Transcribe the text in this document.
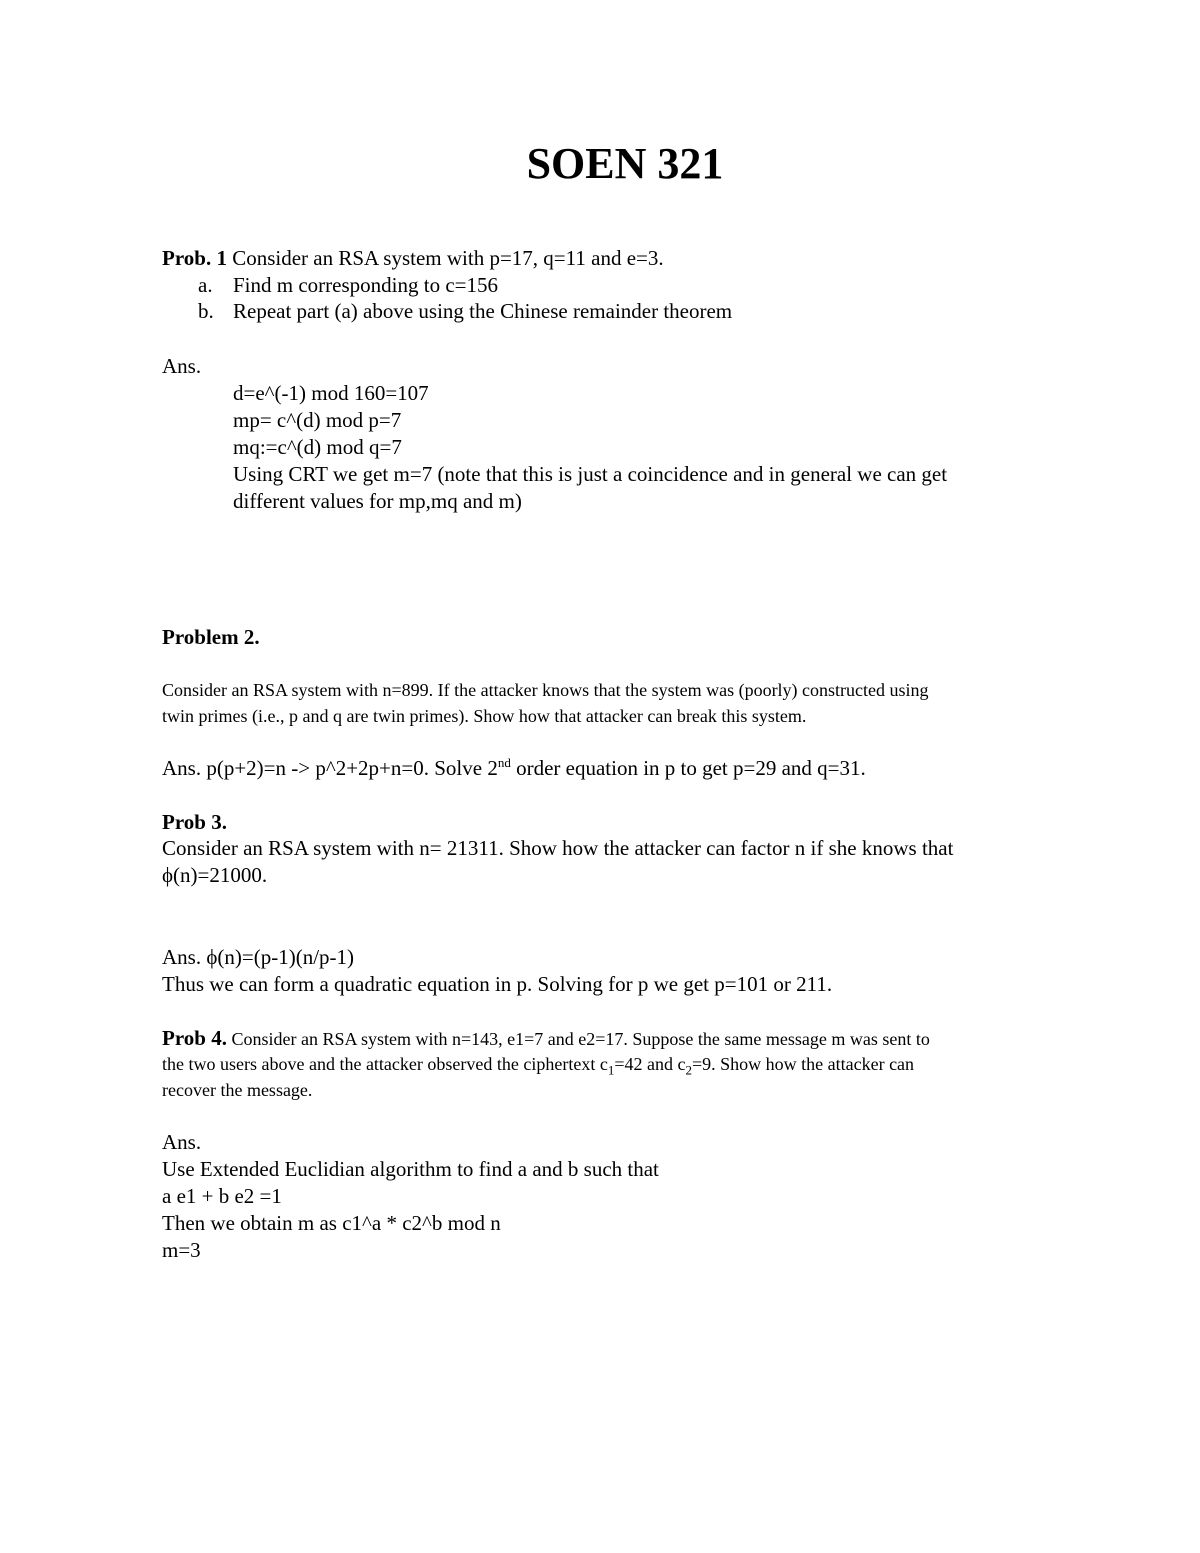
SOEN 321
Prob. 1 Consider an RSA system with p=17, q=11 and e=3.
a. Find m corresponding to c=156
b. Repeat part (a) above using the Chinese remainder theorem
Ans.
d=e^(-1) mod 160=107
mp= c^(d) mod p=7
mq:=c^(d) mod q=7
Using CRT we get m=7 (note that this is just a coincidence and in general we can get
different values for mp,mq and m)
Problem 2.
Consider an RSA system with n=899. If the attacker knows that the system was (poorly) constructed using
twin primes (i.e., p and q are twin primes). Show how that attacker can break this system.
Ans. p(p+2)=n -> p^2+2p+n=0. Solve 2nd order equation in p to get p=29 and q=31.
Prob 3.
Consider an RSA system with n= 21311. Show how the attacker can factor n if she knows that
ϕ(n)=21000.
Ans. ϕ(n)=(p-1)(n/p-1)
Thus we can form a quadratic equation in p. Solving for p we get p=101 or 211.
Prob 4. Consider an RSA system with n=143, e1=7 and e2=17. Suppose the same message m was sent to
the two users above and the attacker observed the ciphertext $c_1=42$ and $c_2=9$. Show how the attacker can
recover the message.
Ans.
Use Extended Euclidian algorithm to find a and b such that
a e1 + b e2 =1
Then we obtain m as c1^a * c2^b mod n
m=3
